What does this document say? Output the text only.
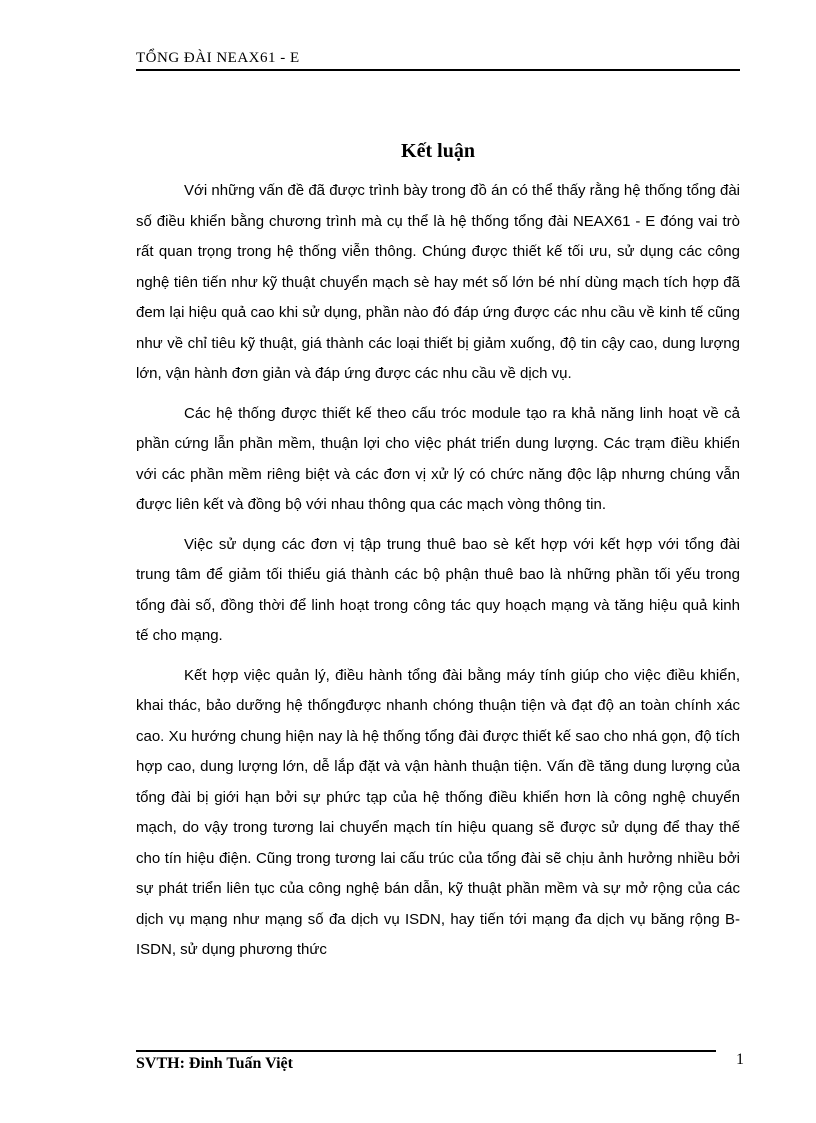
TỔNG ĐÀI NEAX61 - E
Kết luận

Với những vấn đề đã được trình bày trong đồ án có thể thấy rằng hệ thống tổng đài số điều khiển bằng chương trình mà cụ thể là hệ thống tổng đài NEAX61 - E đóng vai trò rất quan trọng trong hệ thống viễn thông. Chúng được thiết kế tối ưu, sử dụng các công nghệ tiên tiến như kỹ thuật chuyển mạch sè hay mét số lớn bé nhí dùng mạch tích hợp đã đem lại hiệu quả cao khi sử dụng, phần nào đó đáp ứng được các nhu cầu về kinh tế cũng như về chỉ tiêu kỹ thuật, giá thành các loại thiết bị giảm xuống, độ tin cậy cao, dung lượng lớn, vận hành đơn giản và đáp ứng được các nhu cầu về dịch vụ.

Các hệ thống được thiết kế theo cấu tróc module tạo ra khả năng linh hoạt về cả phần cứng lẫn phần mềm, thuận lợi cho việc phát triển dung lượng. Các trạm điều khiển với các phần mềm riêng biệt và các đơn vị xử lý có chức năng độc lập nhưng chúng vẫn được liên kết và đồng bộ với nhau thông qua các mạch vòng thông tin.

Việc sử dụng các đơn vị tập trung thuê bao sè kết hợp với kết hợp với tổng đài trung tâm để giảm tối thiểu giá thành các bộ phận thuê bao là những phần tối yếu trong tổng đài số, đồng thời để linh hoạt trong công tác quy hoạch mạng và tăng hiệu quả kinh tế cho mạng.

Kết hợp việc quản lý, điều hành tổng đài bằng máy tính giúp cho việc điều khiển, khai thác, bảo dưỡng hệ thốngđược nhanh chóng thuận tiện và đạt độ an toàn chính xác cao. Xu hướng chung hiện nay là hệ thống tổng đài được thiết kế sao cho nhá gọn, độ tích hợp cao, dung lượng lớn, dễ lắp đặt và vận hành thuận tiện. Vấn đề tăng dung lượng của tổng đài bị giới hạn bởi sự phức tạp của hệ thống điều khiển hơn là công nghệ chuyển mạch, do vậy trong tương lai chuyển mạch tín hiệu quang sẽ được sử dụng để thay thế cho tín hiệu điện. Cũng trong tương lai cấu trúc của tổng đài sẽ chịu ảnh hưởng nhiều bởi sự phát triển liên tục của công nghệ bán dẫn, kỹ thuật phần mềm và sự mở rộng của các dịch vụ mạng như mạng số đa dịch vụ ISDN, hay tiến tới mạng đa dịch vụ băng rộng B-ISDN, sử dụng phương thức

SVTH: Đinh Tuấn Việt	1
